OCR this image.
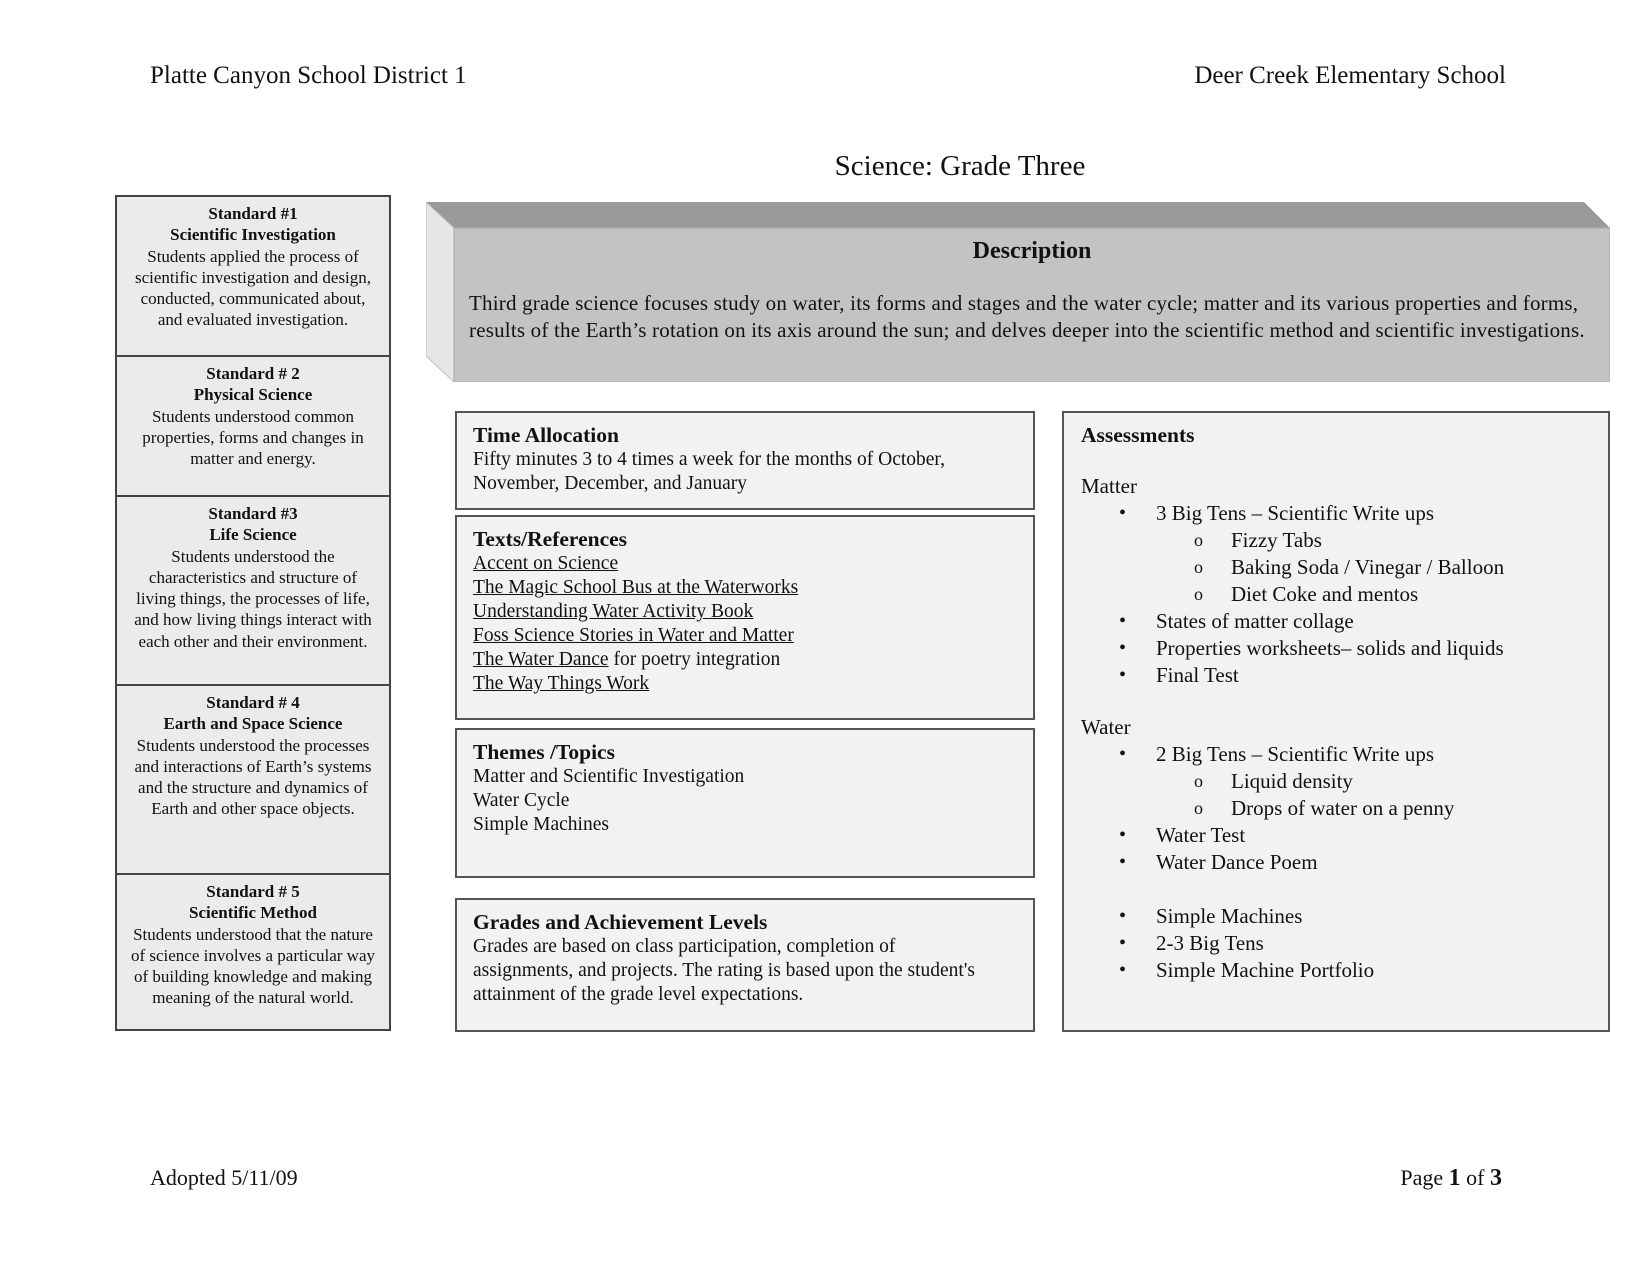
Platte Canyon School District 1	Deer Creek Elementary School
Science: Grade Three
Standard #1
Scientific Investigation
Students applied the process of scientific investigation and design, conducted, communicated about, and evaluated investigation.
Standard # 2
Physical Science
Students understood common properties, forms and changes in matter and energy.
Standard #3
Life Science
Students understood the characteristics and structure of living things, the processes of life, and how living things interact with each other and their environment.
Standard # 4
Earth and Space Science
Students understood the processes and interactions of Earth’s systems and the structure and dynamics of Earth and other space objects.
Standard # 5
Scientific Method
Students understood that the nature of science involves a particular way of building knowledge and making meaning of the natural world.
Description
Third grade science focuses study on water, its forms and stages and the water cycle; matter and its various properties and forms, results of the Earth’s rotation on its axis around the sun; and delves deeper into the scientific method and scientific investigations.
Time Allocation
Fifty minutes 3 to 4 times a week for the months of October,
November, December, and January
Texts/References
Accent on Science
The Magic School Bus at the Waterworks
Understanding Water Activity Book
Foss Science Stories in Water and Matter
The Water Dance for poetry integration
The Way Things Work
Themes /Topics
Matter and Scientific Investigation
Water Cycle
Simple Machines
Grades and Achievement Levels
Grades are based on class participation, completion of
assignments, and projects. The rating is based upon the student's
attainment of the grade level expectations.
Assessments
Matter
• 3 Big Tens – Scientific Write ups
o Fizzy Tabs
o Baking Soda / Vinegar / Balloon
o Diet Coke and mentos
• States of matter collage
• Properties worksheets– solids and liquids
• Final Test
Water
• 2 Big Tens – Scientific Write ups
o Liquid density
o Drops of water on a penny
• Water Test
• Water Dance Poem
• Simple Machines
• 2-3 Big Tens
• Simple Machine Portfolio
Adopted 5/11/09	Page 1 of 3
